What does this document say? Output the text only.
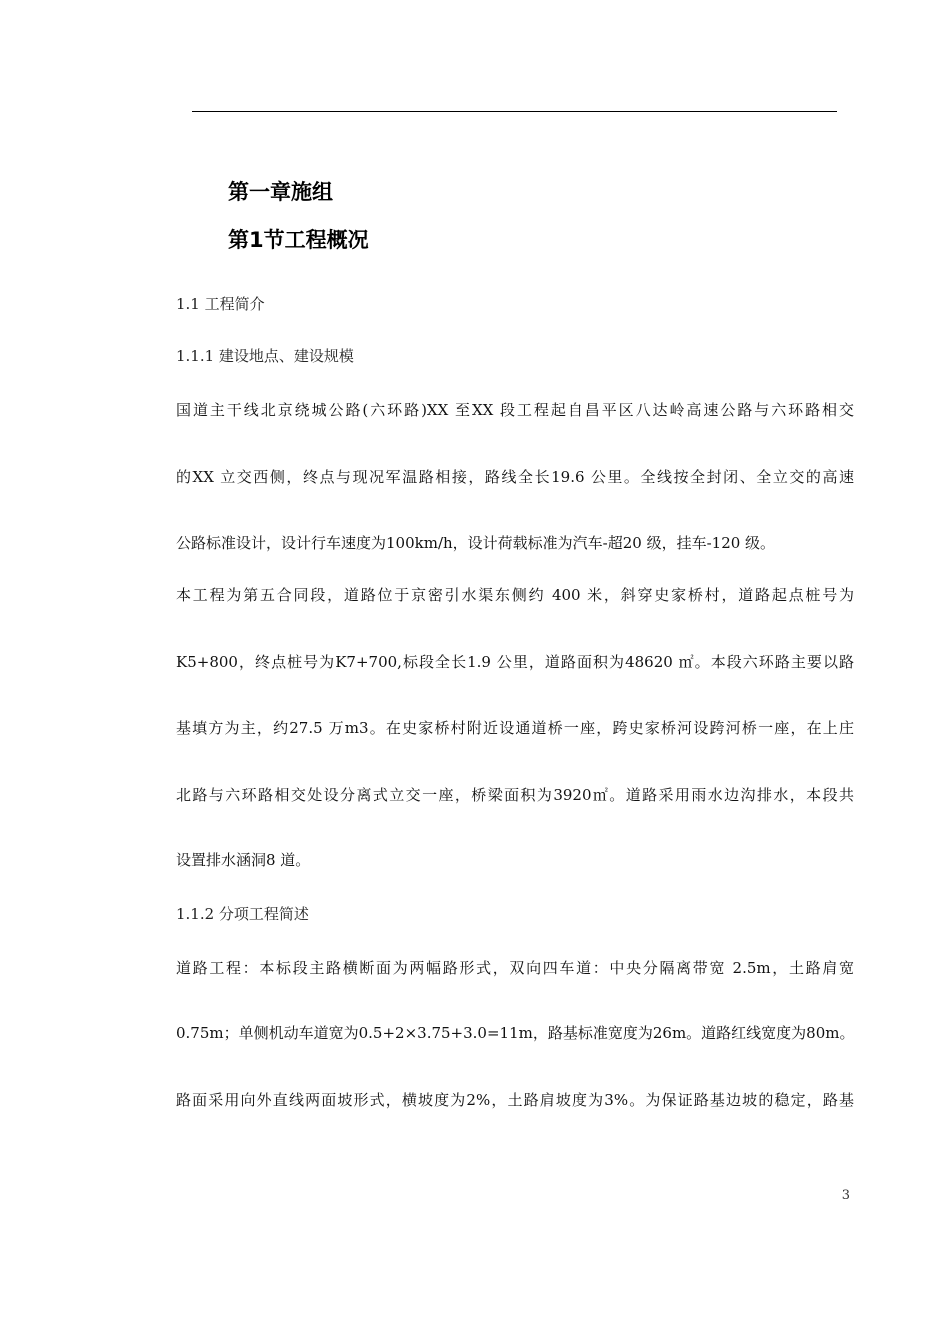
第一章施组
第1节工程概况
1.1 工程简介
1.1.1 建设地点、建设规模
国道主干线北京绕城公路(六环路)XX 至XX 段工程起自昌平区八达岭高速公路与六环路相交
的XX 立交西侧，终点与现况军温路相接，路线全长19.6 公里。全线按全封闭、全立交的高速
公路标准设计，设计行车速度为100km/h，设计荷载标准为汽车-超20 级，挂车-120 级。
本工程为第五合同段，道路位于京密引水渠东侧约 400 米，斜穿史家桥村，道路起点桩号为
K5+800，终点桩号为K7+700,标段全长1.9 公里，道路面积为48620 ㎡。本段六环路主要以路
基填方为主，约27.5 万m3。在史家桥村附近设通道桥一座，跨史家桥河设跨河桥一座，在上庄
北路与六环路相交处设分离式立交一座，桥梁面积为3920㎡。道路采用雨水边沟排水，本段共
设置排水涵洞8 道。
1.1.2 分项工程简述
道路工程：本标段主路横断面为两幅路形式，双向四车道：中央分隔离带宽 2.5m，土路肩宽
0.75m；单侧机动车道宽为0.5+2×3.75+3.0=11m，路基标准宽度为26m。道路红线宽度为80m。
路面采用向外直线两面坡形式，横坡度为2%，土路肩坡度为3%。为保证路基边坡的稳定，路基
3
